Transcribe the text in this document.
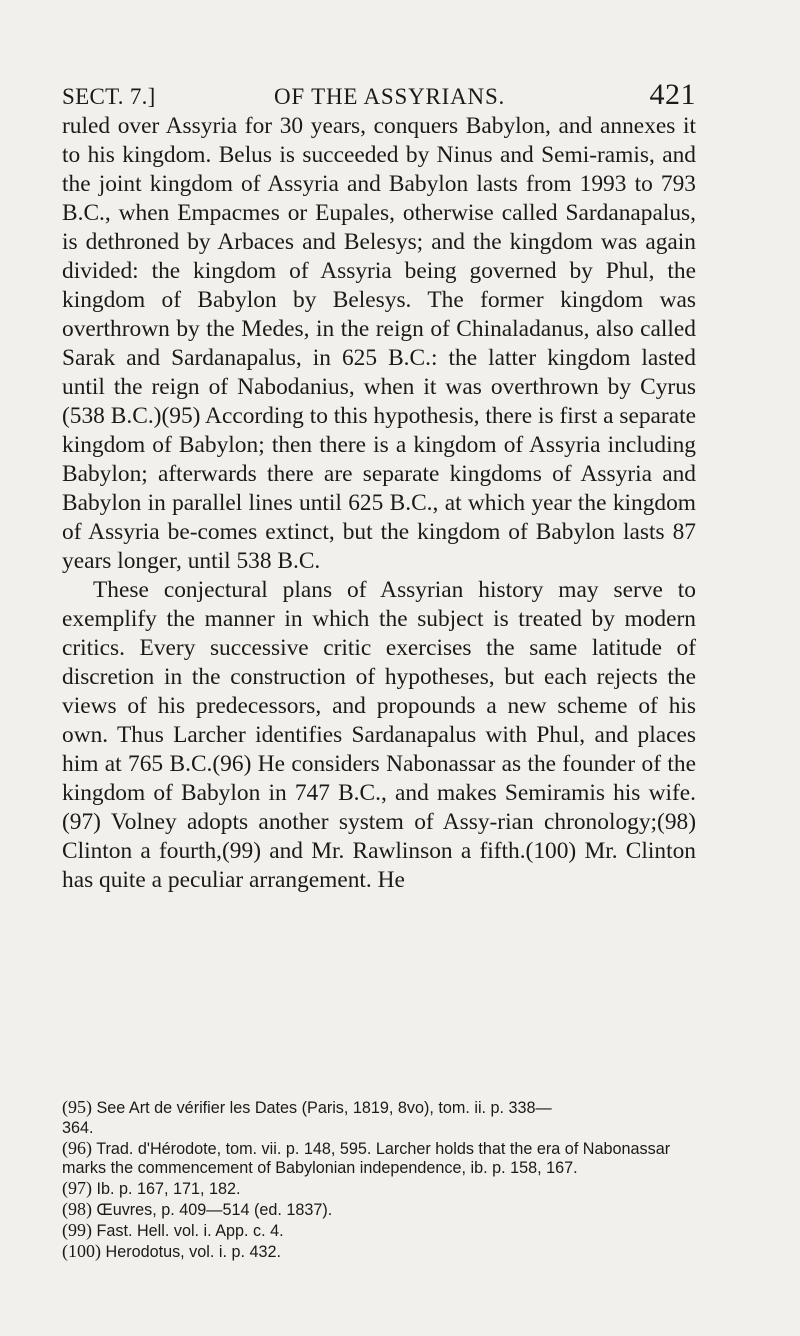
SECT. 7.]	OF THE ASSYRIANS.	421

ruled over Assyria for 30 years, conquers Babylon, and annexes it to his kingdom. Belus is succeeded by Ninus and Semi-ramis, and the joint kingdom of Assyria and Babylon lasts from 1993 to 793 B.C., when Empacmes or Eupales, otherwise called Sardanapalus, is dethroned by Arbaces and Belesys; and the kingdom was again divided: the kingdom of Assyria being governed by Phul, the kingdom of Babylon by Belesys. The former kingdom was overthrown by the Medes, in the reign of Chinaladanus, also called Sarak and Sardanapalus, in 625 B.C.: the latter kingdom lasted until the reign of Nabodanius, when it was overthrown by Cyrus (538 B.C.)(95) According to this hypothesis, there is first a separate kingdom of Babylon; then there is a kingdom of Assyria including Babylon; afterwards there are separate kingdoms of Assyria and Babylon in parallel lines until 625 B.C., at which year the kingdom of Assyria be-comes extinct, but the kingdom of Babylon lasts 87 years longer, until 538 B.C.

These conjectural plans of Assyrian history may serve to exemplify the manner in which the subject is treated by modern critics. Every successive critic exercises the same latitude of discretion in the construction of hypotheses, but each rejects the views of his predecessors, and propounds a new scheme of his own. Thus Larcher identifies Sardanapalus with Phul, and places him at 765 B.C.(96) He considers Nabonassar as the founder of the kingdom of Babylon in 747 B.C., and makes Semiramis his wife.(97) Volney adopts another system of Assy-rian chronology;(98) Clinton a fourth,(99) and Mr. Rawlinson a fifth.(100) Mr. Clinton has quite a peculiar arrangement. He

(95) See Art de vérifier les Dates (Paris, 1819, 8vo), tom. ii. p. 338—
364.

(96) Trad. d'Hérodote, tom. vii. p. 148, 595. Larcher holds that the era of Nabonassar marks the commencement of Babylonian independence, ib. p. 158, 167.

(97) Ib. p. 167, 171, 182.

(98) Œuvres, p. 409—514 (ed. 1837).

(99) Fast. Hell. vol. i. App. c. 4.

(100) Herodotus, vol. i. p. 432.
